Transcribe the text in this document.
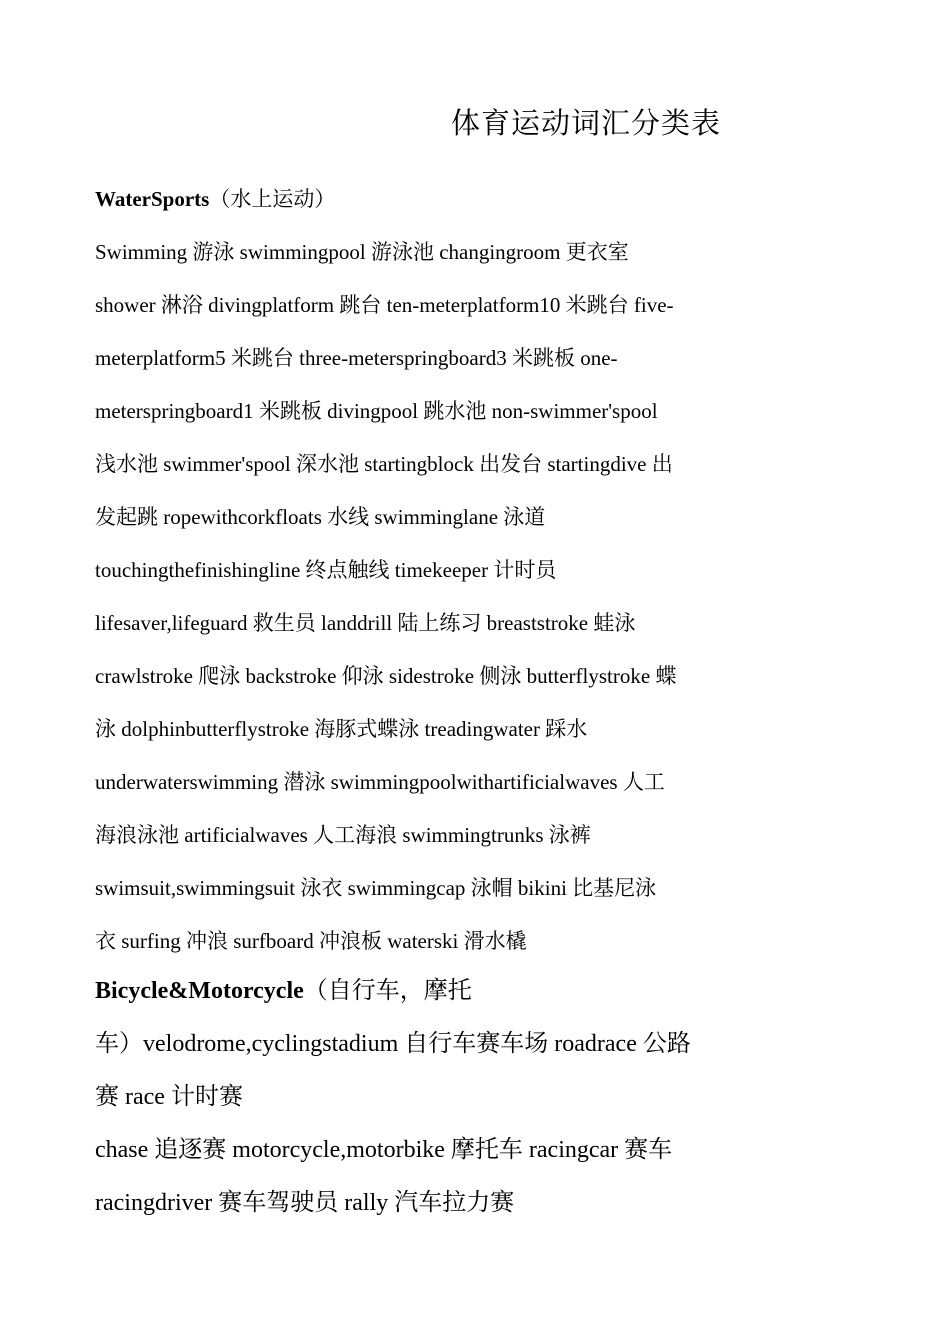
体育运动词汇分类表
WaterSports（水上运动）
Swimming 游泳 swimmingpool 游泳池 changingroom 更衣室
shower 淋浴 divingplatform 跳台 ten-meterplatform10 米跳台 five-
meterplatform5 米跳台 three-meterspringboard3 米跳板 one-
meterspringboard1 米跳板 divingpool 跳水池 non-swimmer'spool
浅水池 swimmer'spool 深水池 startingblock 出发台 startingdive 出
发起跳 ropewithcorkfloats 水线 swimminglane 泳道
touchingthefinishingline 终点触线 timekeeper 计时员
lifesaver,lifeguard 救生员 landdrill 陆上练习 breaststroke 蛙泳
crawlstroke 爬泳 backstroke 仰泳 sidestroke 侧泳 butterflystroke 蝶
泳 dolphinbutterflystroke 海豚式蝶泳 treadingwater 踩水
underwaterswimming 潜泳 swimmingpoolwithartificialwaves 人工
海浪泳池 artificialwaves 人工海浪 swimmingtrunks 泳裤
swimsuit,swimmingsuit 泳衣 swimmingcap 泳帽 bikini 比基尼泳
衣 surfing 冲浪 surfboard 冲浪板 waterski 滑水橇
Bicycle&Motorcycle（自行车，摩托
车）velodrome,cyclingstadium 自行车赛车场 roadrace 公路
赛 race 计时赛
chase 追逐赛 motorcycle,motorbike 摩托车 racingcar 赛车
racingdriver 赛车驾驶员 rally 汽车拉力赛
